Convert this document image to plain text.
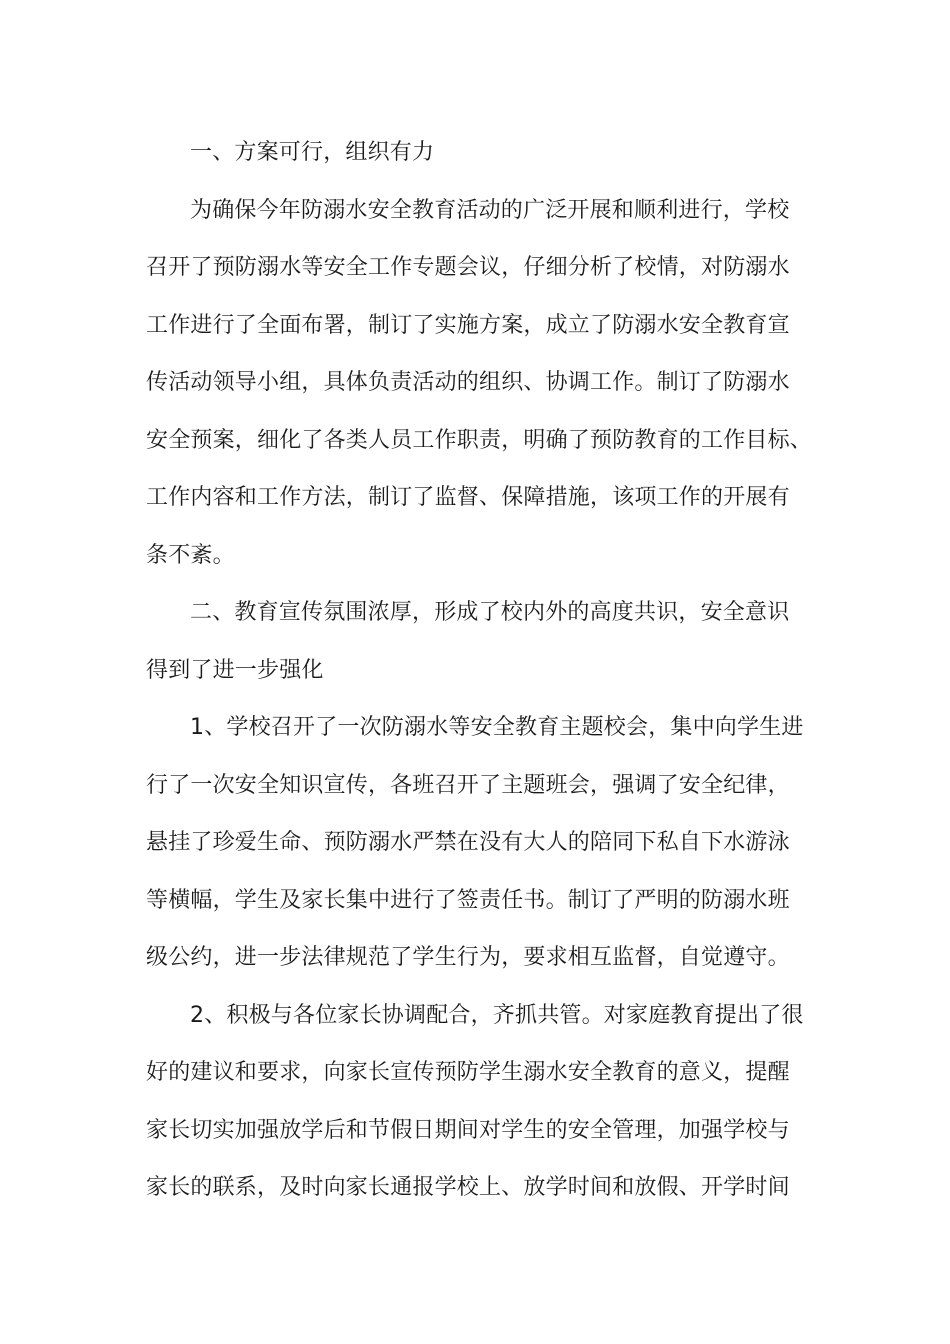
一、方案可行，组织有力
为确保今年防溺水安全教育活动的广泛开展和顺利进行，学校
召开了预防溺水等安全工作专题会议，仔细分析了校情，对防溺水
工作进行了全面布署，制订了实施方案，成立了防溺水安全教育宣
传活动领导小组，具体负责活动的组织、协调工作。制订了防溺水
安全预案，细化了各类人员工作职责，明确了预防教育的工作目标、
工作内容和工作方法，制订了监督、保障措施，该项工作的开展有
条不紊。
二、教育宣传氛围浓厚，形成了校内外的高度共识，安全意识
得到了进一步强化
1、学校召开了一次防溺水等安全教育主题校会，集中向学生进
行了一次安全知识宣传，各班召开了主题班会，强调了安全纪律，
悬挂了珍爱生命、预防溺水严禁在没有大人的陪同下私自下水游泳
等横幅，学生及家长集中进行了签责任书。制订了严明的防溺水班
级公约，进一步法律规范了学生行为，要求相互监督，自觉遵守。
2、积极与各位家长协调配合，齐抓共管。对家庭教育提出了很
好的建议和要求，向家长宣传预防学生溺水安全教育的意义，提醒
家长切实加强放学后和节假日期间对学生的安全管理，加强学校与
家长的联系，及时向家长通报学校上、放学时间和放假、开学时间
